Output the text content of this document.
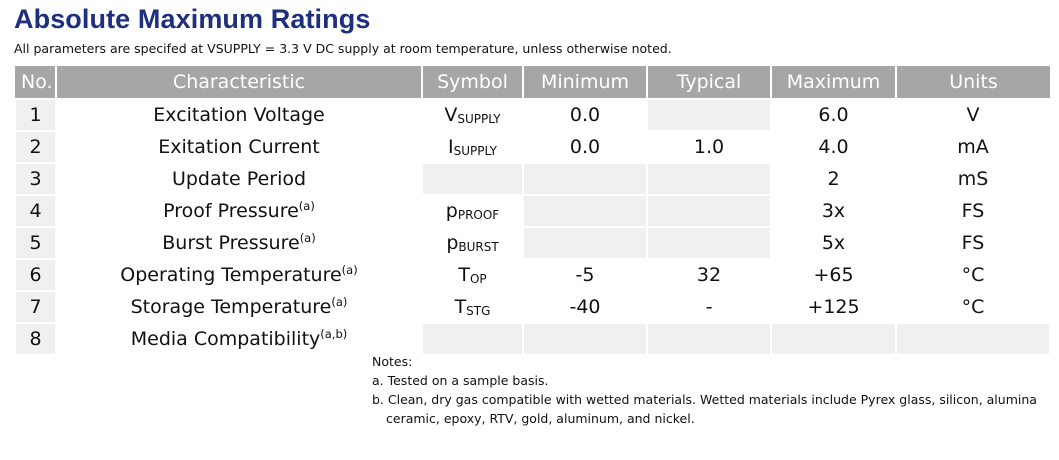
Absolute Maximum Ratings
All parameters are specifed at VSUPPLY = 3.3 V DC supply at room temperature, unless otherwise noted.
No.	Characteristic	Symbol	Minimum	Typical	Maximum	Units
1	Excitation Voltage	$V_{SUPPLY}$	0.0		6.0	V
2	Exitation Current	$I_{SUPPLY}$	0.0	1.0	4.0	mA
3	Update Period				2	mS
4	Proof Pressure$^{(a)}$	$p_{PROOF}$			3x	FS
5	Burst Pressure$^{(a)}$	$p_{BURST}$			5x	FS
6	Operating Temperature$^{(a)}$	$T_{OP}$	-5	32	+65	°C
7	Storage Temperature$^{(a)}$	$T_{STG}$	-40	-	+125	°C
8	Media Compatibility$^{(a,b)}$					
Notes:
a. Tested on a sample basis.
b. Clean, dry gas compatible with wetted materials. Wetted materials include Pyrex glass, silicon, alumina
ceramic, epoxy, RTV, gold, aluminum, and nickel.
